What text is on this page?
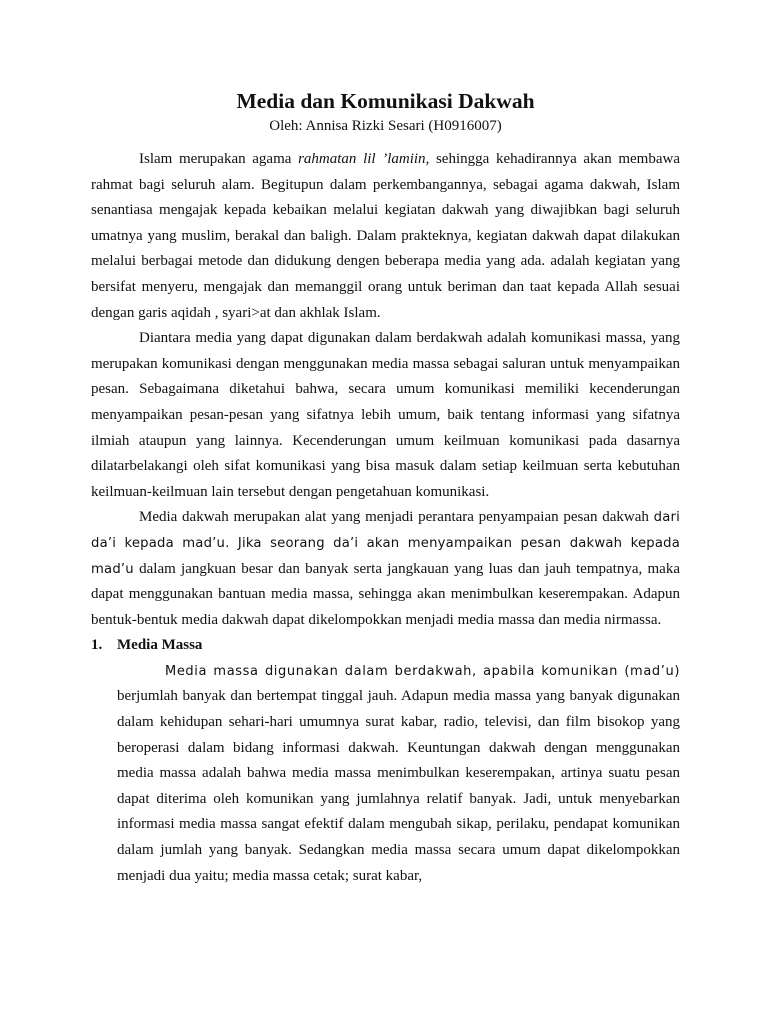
Media dan Komunikasi Dakwah
Oleh: Annisa Rizki Sesari (H0916007)

Islam merupakan agama rahmatan lil ’lamiin, sehingga kehadirannya akan membawa rahmat bagi seluruh alam. Begitupun dalam perkembangannya, sebagai agama dakwah, Islam senantiasa mengajak kepada kebaikan melalui kegiatan dakwah yang diwajibkan bagi seluruh umatnya yang muslim, berakal dan baligh. Dalam prakteknya, kegiatan dakwah dapat dilakukan melalui berbagai metode dan didukung dengen beberapa media yang ada. adalah kegiatan yang bersifat menyeru, mengajak dan memanggil orang untuk beriman dan taat kepada Allah sesuai dengan garis aqidah , syari>at dan akhlak Islam.

Diantara media yang dapat digunakan dalam berdakwah adalah komunikasi massa, yang merupakan komunikasi dengan menggunakan media massa sebagai saluran untuk menyampaikan pesan. Sebagaimana diketahui bahwa, secara umum komunikasi memiliki kecenderungan menyampaikan pesan-pesan yang sifatnya lebih umum, baik tentang informasi yang sifatnya ilmiah ataupun yang lainnya. Kecenderungan umum keilmuan komunikasi pada dasarnya dilatarbelakangi oleh sifat komunikasi yang bisa masuk dalam setiap keilmuan serta kebutuhan keilmuan-keilmuan lain tersebut dengan pengetahuan komunikasi.

Media dakwah merupakan alat yang menjadi perantara penyampaian pesan dakwah dari da’i kepada mad’u. Jika seorang da’i akan menyampaikan pesan dakwah kepada mad’u dalam jangkuan besar dan banyak serta jangkauan yang luas dan jauh tempatnya, maka dapat menggunakan bantuan media massa, sehingga akan menimbulkan keserempakan. Adapun bentuk-bentuk media dakwah dapat dikelompokkan menjadi media massa dan media nirmassa.

1. Media Massa

Media massa digunakan dalam berdakwah, apabila komunikan (mad’u) berjumlah banyak dan bertempat tinggal jauh. Adapun media massa yang banyak digunakan dalam kehidupan sehari-hari umumnya surat kabar, radio, televisi, dan film bisokop yang beroperasi dalam bidang informasi dakwah. Keuntungan dakwah dengan menggunakan media massa adalah bahwa media massa menimbulkan keserempakan, artinya suatu pesan dapat diterima oleh komunikan yang jumlahnya relatif banyak. Jadi, untuk menyebarkan informasi media massa sangat efektif dalam mengubah sikap, perilaku, pendapat komunikan dalam jumlah yang banyak. Sedangkan media massa secara umum dapat dikelompokkan menjadi dua yaitu; media massa cetak; surat kabar,
